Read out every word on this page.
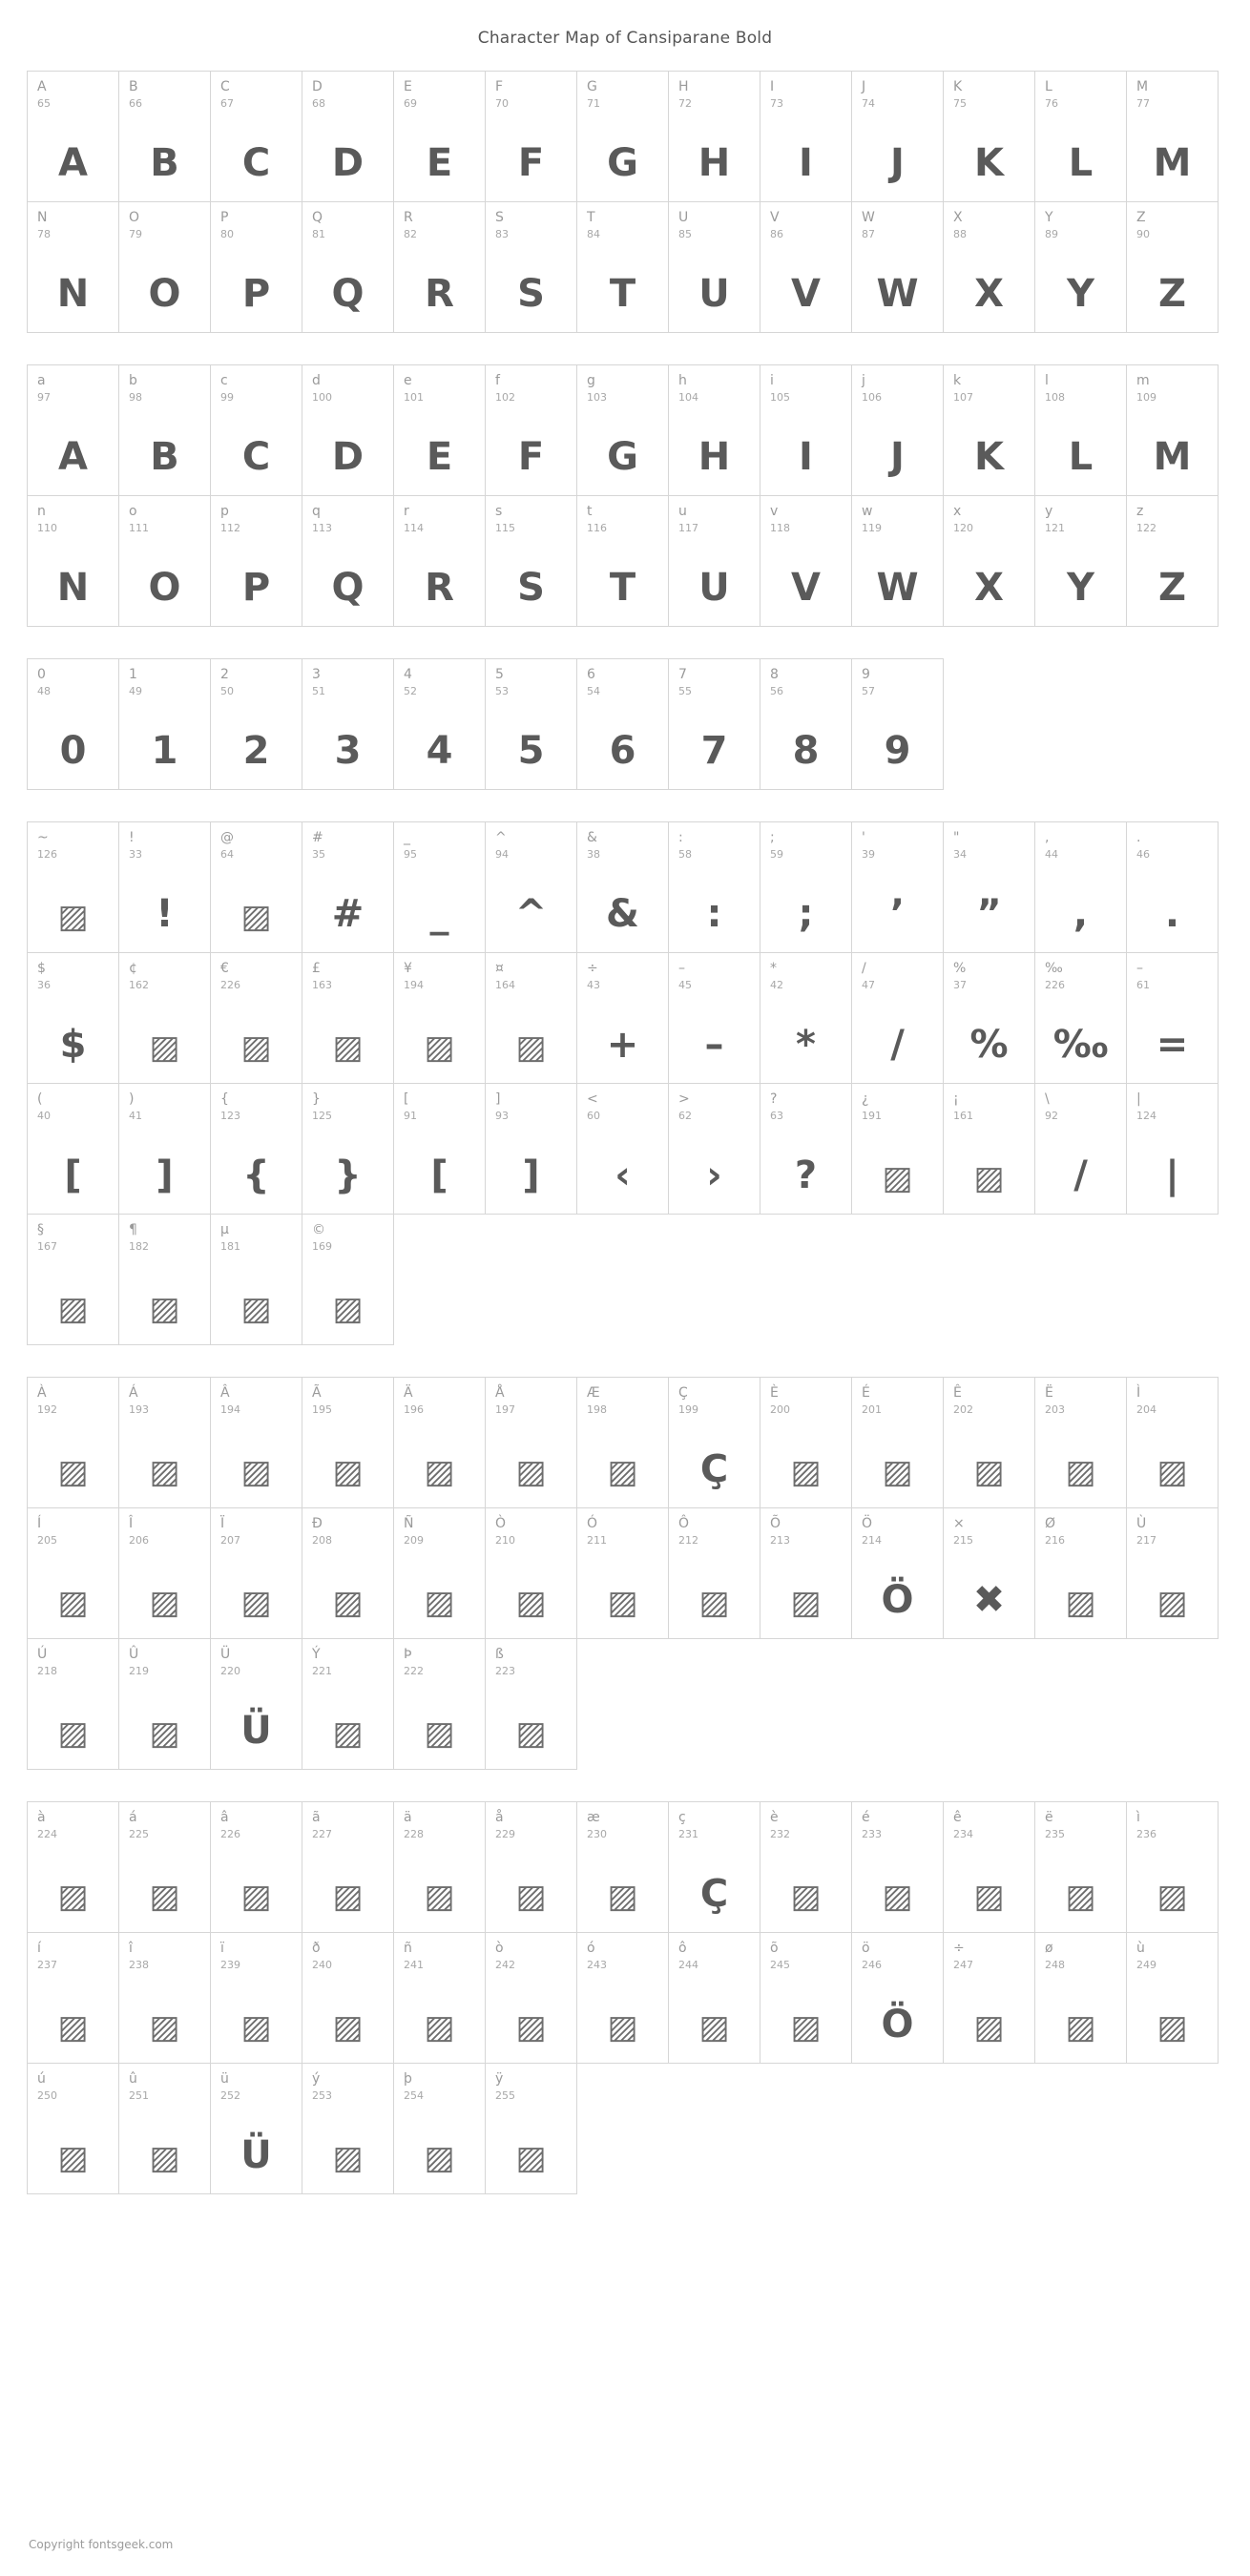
Character Map of Cansiparane Bold
A
65
A
B
66
B
C
67
C
D
68
D
E
69
E
F
70
F
G
71
G
H
72
H
I
73
I
J
74
J
K
75
K
L
76
L
M
77
M
N
78
N
O
79
O
P
80
P
Q
81
Q
R
82
R
S
83
S
T
84
T
U
85
U
V
86
V
W
87
W
X
88
X
Y
89
Y
Z
90
Z
a
97
A
b
98
B
c
99
C
d
100
D
e
101
E
f
102
F
g
103
G
h
104
H
i
105
I
j
106
J
k
107
K
l
108
L
m
109
M
n
110
N
o
111
O
p
112
P
q
113
Q
r
114
R
s
115
S
t
116
T
u
117
U
v
118
V
w
119
W
x
120
X
y
121
Y
z
122
Z
0
48
0
1
49
1
2
50
2
3
51
3
4
52
4
5
53
5
6
54
6
7
55
7
8
56
8
9
57
9
~
126
▨
!
33
!
@
64
▨
#
35
#
_
95
_
^
94
^
&
38
&
:
58
:
;
59
;
'
39
’
"
34
”
,
44
,
.
46
.
$
36
$
¢
162
▨
€
226
▨
£
163
▨
¥
194
▨
¤
164
▨
÷
43
+
–
45
–
*
42
*
/
47
/
%
37
%
‰
226
‰
–
61
=
(
40
[
)
41
]
{
123
{
}
125
}
[
91
[
]
93
]
<
60
‹
>
62
›
?
63
?
¿
191
▨
¡
161
▨
\
92
/
|
124
|
§
167
▨
¶
182
▨
µ
181
▨
©
169
▨
À
192
▨
Á
193
▨
Â
194
▨
Ã
195
▨
Ä
196
▨
Å
197
▨
Æ
198
▨
Ç
199
Ç
È
200
▨
É
201
▨
Ê
202
▨
Ë
203
▨
Ì
204
▨
Í
205
▨
Î
206
▨
Ï
207
▨
Ð
208
▨
Ñ
209
▨
Ò
210
▨
Ó
211
▨
Ô
212
▨
Õ
213
▨
Ö
214
Ö
×
215
✖
Ø
216
▨
Ù
217
▨
Ú
218
▨
Û
219
▨
Ü
220
Ü
Ý
221
▨
Þ
222
▨
ß
223
▨
à
224
▨
á
225
▨
â
226
▨
ã
227
▨
ä
228
▨
å
229
▨
æ
230
▨
ç
231
Ç
è
232
▨
é
233
▨
ê
234
▨
ë
235
▨
ì
236
▨
í
237
▨
î
238
▨
ï
239
▨
ð
240
▨
ñ
241
▨
ò
242
▨
ó
243
▨
ô
244
▨
õ
245
▨
ö
246
Ö
÷
247
▨
ø
248
▨
ù
249
▨
ú
250
▨
û
251
▨
ü
252
Ü
ý
253
▨
þ
254
▨
ÿ
255
▨
Copyright fontsgeek.com
